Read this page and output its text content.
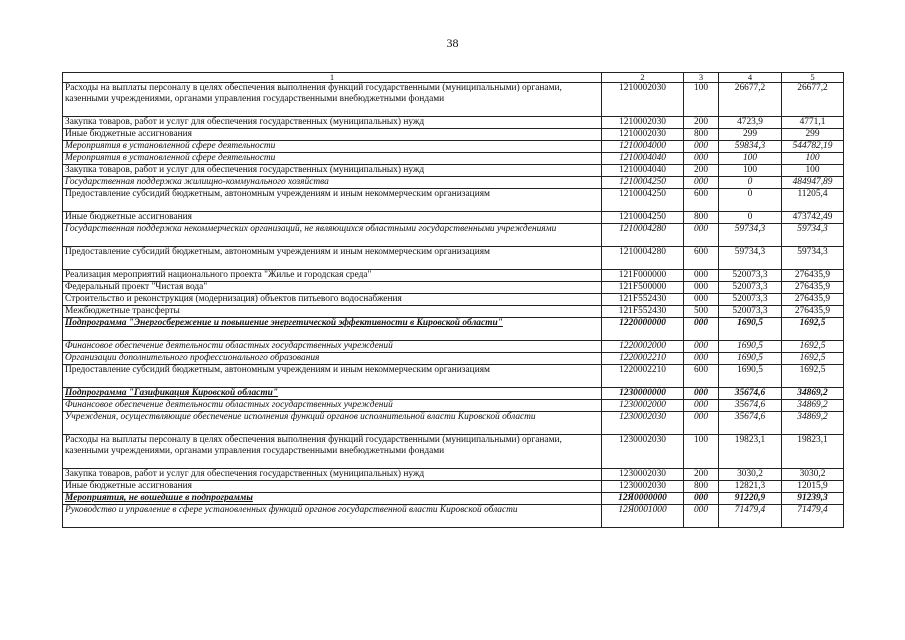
38
1	2	3	4	5
Расходы на выплаты персоналу в целях обеспечения выполнения функций государственными (муниципальными) органами, казенными учреждениями, органами управления государственными внебюджетными фондами	1210002030	100	26677,2	26677,2
Закупка товаров, работ и услуг для обеспечения государственных (муниципальных) нужд	1210002030	200	4723,9	4771,1
Иные бюджетные ассигнования	1210002030	800	299	299
Мероприятия в установленной сфере деятельности	1210004000	000	59834,3	544782,19
Мероприятия в установленной сфере деятельности	1210004040	000	100	100
Закупка товаров, работ и услуг для обеспечения государственных (муниципальных) нужд	1210004040	200	100	100
Государственная поддержка жилищно-коммунального хозяйства	1210004250	000	0	484947,89
Предоставление субсидий бюджетным, автономным учреждениям и иным некоммерческим организациям	1210004250	600	0	11205,4
Иные бюджетные ассигнования	1210004250	800	0	473742,49
Государственная поддержка некоммерческих организаций, не являющихся областными государственными учреждениями	1210004280	000	59734,3	59734,3
Предоставление субсидий бюджетным, автономным учреждениям и иным некоммерческим организациям	1210004280	600	59734,3	59734,3
Реализация мероприятий национального проекта "Жилье и городская среда"	121F000000	000	520073,3	276435,9
Федеральный проект "Чистая вода"	121F500000	000	520073,3	276435,9
Строительство и реконструкция (модернизация) объектов питьевого водоснабжения	121F552430	000	520073,3	276435,9
Межбюджетные трансферты	121F552430	500	520073,3	276435,9
Подпрограмма "Энергосбережение и повышение энергетической эффективности в Кировской области"	1220000000	000	1690,5	1692,5
Финансовое обеспечение деятельности областных государственных учреждений	1220002000	000	1690,5	1692,5
Организации дополнительного профессионального образования	1220002210	000	1690,5	1692,5
Предоставление субсидий бюджетным, автономным учреждениям и иным некоммерческим организациям	1220002210	600	1690,5	1692,5
Подпрограмма "Газификация Кировской области"	1230000000	000	35674,6	34869,2
Финансовое обеспечение деятельности областных государственных учреждений	1230002000	000	35674,6	34869,2
Учреждения, осуществляющие обеспечение исполнения функций органов исполнительной власти Кировской области	1230002030	000	35674,6	34869,2
Расходы на выплаты персоналу в целях обеспечения выполнения функций государственными (муниципальными) органами, казенными учреждениями, органами управления государственными внебюджетными фондами	1230002030	100	19823,1	19823,1
Закупка товаров, работ и услуг для обеспечения государственных (муниципальных) нужд	1230002030	200	3030,2	3030,2
Иные бюджетные ассигнования	1230002030	800	12821,3	12015,9
Мероприятия, не вошедшие в подпрограммы	12Я0000000	000	91220,9	91239,3
Руководство и управление в сфере установленных функций органов государственной власти Кировской области	12Я0001000	000	71479,4	71479,4
